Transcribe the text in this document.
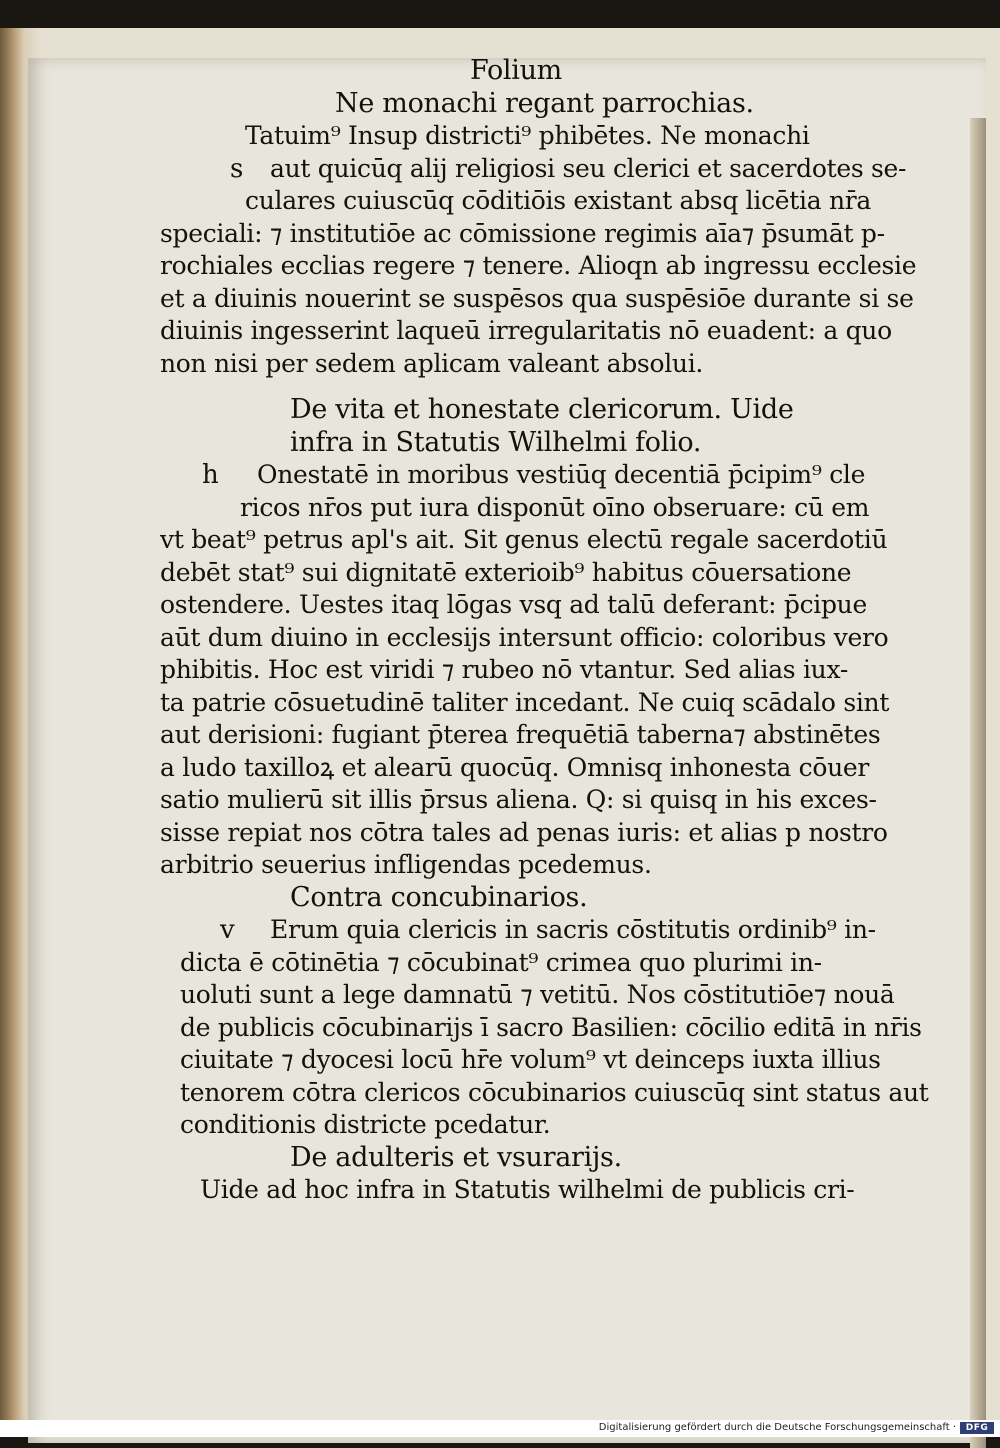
Folium
Ne monachi regant parrochias.
Tatuim⁹ Insup districti⁹ phibētes. Ne monachi
s aut quicūq alij religiosi seu clerici et sacerdotes se-
culares cuiuscūq cōditiōis existant absq licētia nr̄a
speciali: ⁊ institutiōe ac cōmissione regimis aīa⁊ p̄sumāt p-
rochiales ecclias regere ⁊ tenere. Alioqn ab ingressu ecclesie
et a diuinis nouerint se suspēsos qua suspēsiōe durante si se
diuinis ingesserint laqueū irregularitatis nō euadent: a quo
non nisi per sedem aplicam valeant absolui.
De vita et honestate clericorum. Uide
infra in Statutis Wilhelmi folio.
h Onestatē in moribus vestiūq decentiā p̄cipim⁹ cle
ricos nr̄os put iura disponūt oīno obseruare: cū em
vt beat⁹ petrus apl's ait. Sit genus electū regale sacerdotiū
debēt stat⁹ sui dignitatē exterioib⁹ habitus cōuersatione
ostendere. Uestes itaq lōgas vsq ad talū deferant: p̄cipue
aūt dum diuino in ecclesijs intersunt officio: coloribus vero
phibitis. Hoc est viridi ⁊ rubeo nō vtantur. Sed alias iux-
ta patrie cōsuetudinē taliter incedant. Ne cuiq scādalo sint
aut derisioni: fugiant p̄terea frequētiā taberna⁊ abstinētes
a ludo taxilloꝝ et alearū quocūq. Omnisq inhonesta cōuer
satio mulierū sit illis p̄rsus aliena. Q: si quisq in his exces-
sisse repiat nos cōtra tales ad penas iuris: et alias p nostro
arbitrio seuerius infligendas pcedemus.
Contra concubinarios.
v Erum quia clericis in sacris cōstitutis ordinib⁹ in-
dicta ē cōtinētia ⁊ cōcubinat⁹ crimea quo plurimi in-
uoluti sunt a lege damnatū ⁊ vetitū. Nos cōstitutiōe⁊ nouā
de publicis cōcubinarijs ī sacro Basilien: cōcilio editā in nr̄is
ciuitate ⁊ dyocesi locū hr̄e volum⁹ vt deinceps iuxta illius
tenorem cōtra clericos cōcubinarios cuiuscūq sint status aut
conditionis districte pcedatur.
De adulteris et vsurarijs.
Uide ad hoc infra in Statutis wilhelmi de publicis cri-
Digitalisierung gefördert durch die Deutsche Forschungsgemeinschaft ·	DFG
